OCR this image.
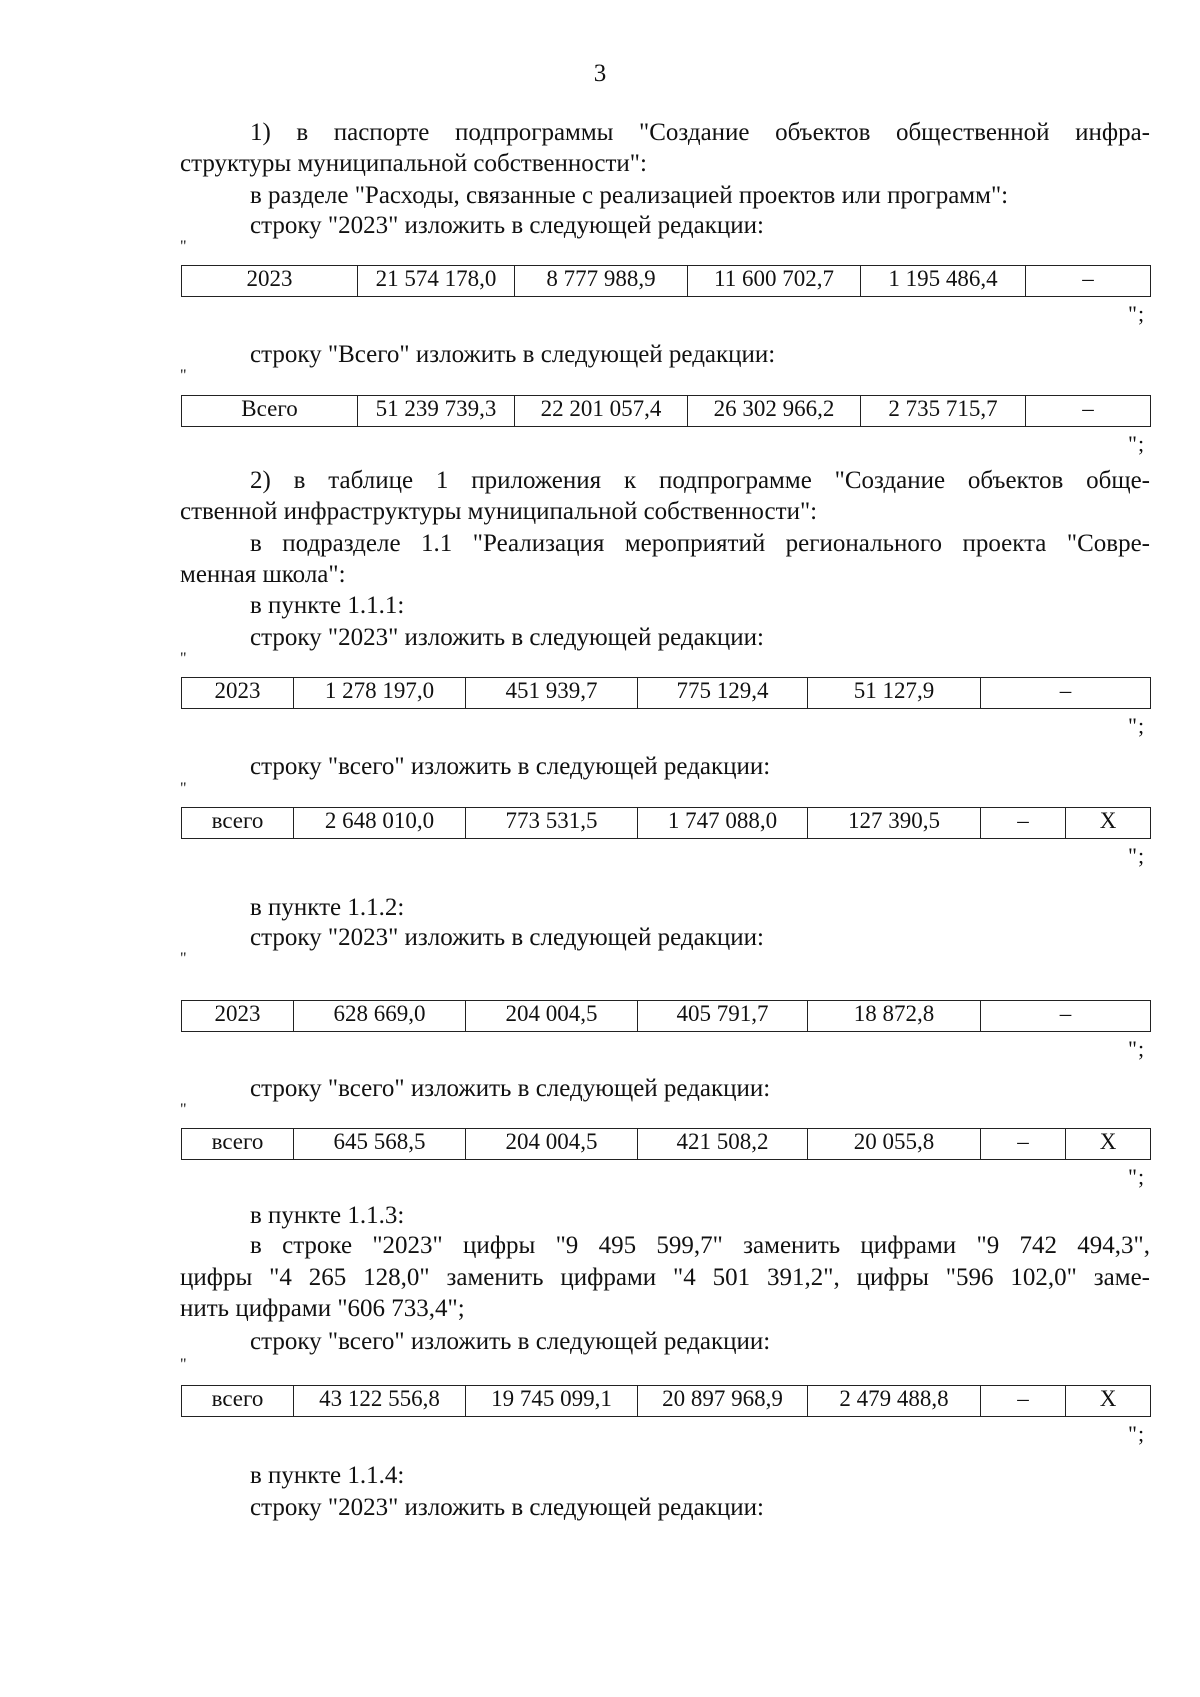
3
1) в паспорте подпрограммы "Создание объектов общественной инфра-
структуры муниципальной собственности":
в разделе "Расходы, связанные с реализацией проектов или программ":
строку "2023" изложить в следующей редакции:
"
2023	21 574 178,0	8 777 988,9	11 600 702,7	1 195 486,4	–
";
строку "Всего" изложить в следующей редакции:
"
Всего	51 239 739,3	22 201 057,4	26 302 966,2	2 735 715,7	–
";
2) в таблице 1 приложения к подпрограмме "Создание объектов обще-
ственной инфраструктуры муниципальной собственности":
в подразделе 1.1 "Реализация мероприятий регионального проекта "Совре-
менная школа":
в пункте 1.1.1:
строку "2023" изложить в следующей редакции:
"
2023	1 278 197,0	451 939,7	775 129,4	51 127,9	–
";
строку "всего" изложить в следующей редакции:
"
всего	2 648 010,0	773 531,5	1 747 088,0	127 390,5	–	Х
";
в пункте 1.1.2:
строку "2023" изложить в следующей редакции:
"
2023	628 669,0	204 004,5	405 791,7	18 872,8	–
";
строку "всего" изложить в следующей редакции:
"
всего	645 568,5	204 004,5	421 508,2	20 055,8	–	Х
";
в пункте 1.1.3:
в строке "2023" цифры "9 495 599,7" заменить цифрами "9 742 494,3",
цифры "4 265 128,0" заменить цифрами "4 501 391,2", цифры "596 102,0" заме-
нить цифрами "606 733,4";
строку "всего" изложить в следующей редакции:
"
всего	43 122 556,8	19 745 099,1	20 897 968,9	2 479 488,8	–	Х
";
в пункте 1.1.4:
строку "2023" изложить в следующей редакции:
